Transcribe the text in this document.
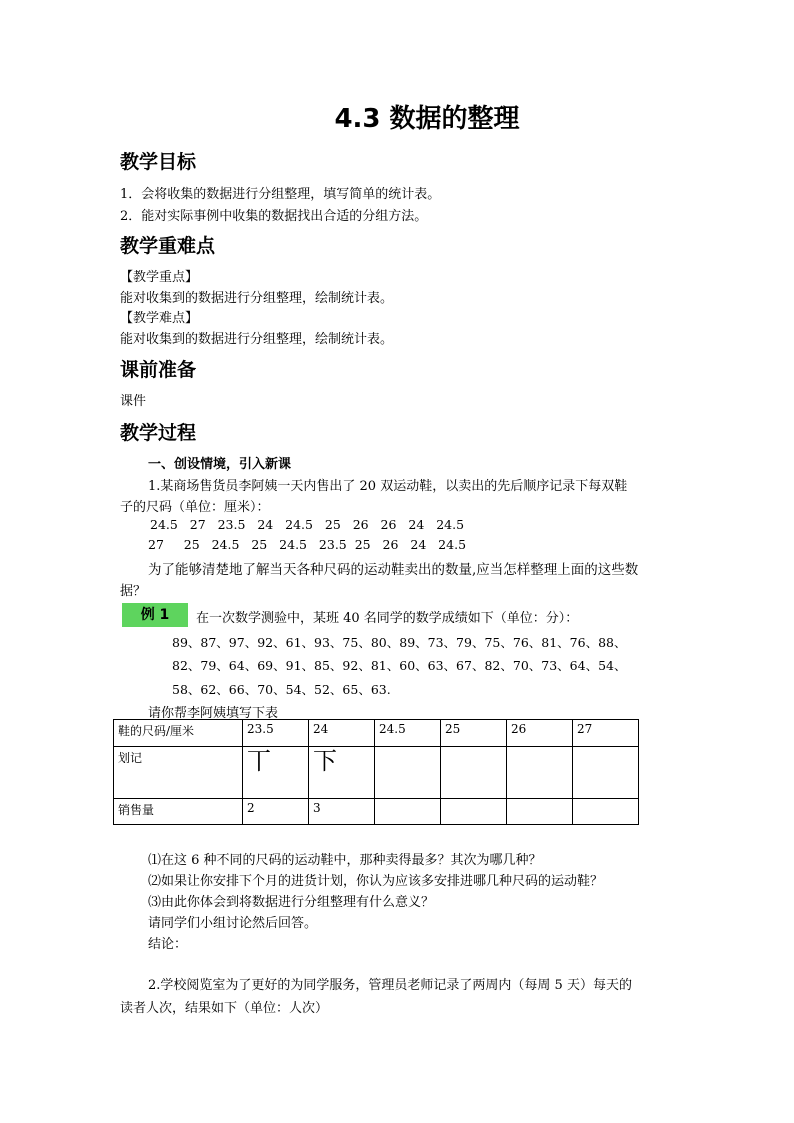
4.3 数据的整理
教学目标
1．会将收集的数据进行分组整理，填写简单的统计表。
2．能对实际事例中收集的数据找出合适的分组方法。
教学重难点
【教学重点】
能对收集到的数据进行分组整理，绘制统计表。
【教学难点】
能对收集到的数据进行分组整理，绘制统计表。
课前准备
课件
教学过程
一、创设情境，引入新课
1.某商场售货员李阿姨一天内售出了 20 双运动鞋，以卖出的先后顺序记录下每双鞋
子的尺码（单位：厘米）：
24.5   27   23.5   24   24.5   25   26   26   24   24.5
27     25   24.5   25   24.5   23.5  25   26   24   24.5
为了能够清楚地了解当天各种尺码的运动鞋卖出的数量,应当怎样整理上面的这些数
据？
例 1	在一次数学测验中，某班 40 名同学的数学成绩如下（单位：分）：
89、87、97、92、61、93、75、80、89、73、79、75、76、81、76、88、
82、79、64、69、91、85、92、81、60、63、67、82、70、73、64、54、
58、62、66、70、54、52、65、63.
请你帮李阿姨填写下表
鞋的尺码/厘米	23.5	24	24.5	25	26	27
划记	丅	下				
销售量	2	3				
⑴在这 6 种不同的尺码的运动鞋中，那种卖得最多？其次为哪几种？
⑵如果让你安排下个月的进货计划，你认为应该多安排进哪几种尺码的运动鞋？
⑶由此你体会到将数据进行分组整理有什么意义？
请同学们小组讨论然后回答。
结论：
2.学校阅览室为了更好的为同学服务，管理员老师记录了两周内（每周 5 天）每天的
读者人次，结果如下（单位：人次）
